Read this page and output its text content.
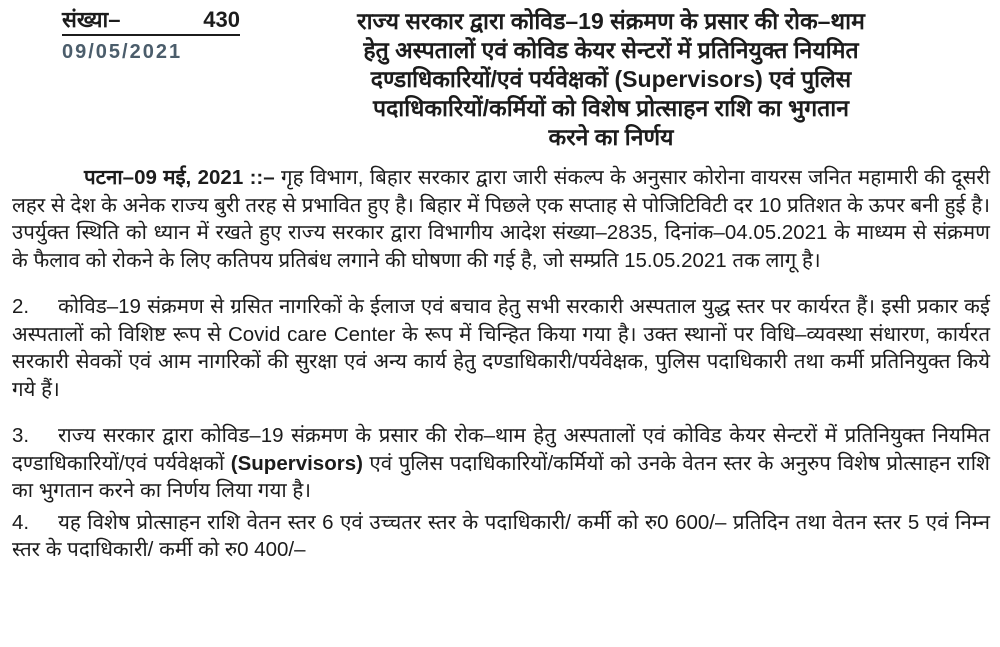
संख्या–	430
09/05/2021
राज्य सरकार द्वारा कोविड–19 संक्रमण के प्रसार की रोक–थाम
हेतु अस्पतालों एवं कोविड केयर सेन्टरों में प्रतिनियुक्त नियमित
दण्डाधिकारियों/एवं पर्यवेक्षकों (Supervisors) एवं पुलिस
पदाधिकारियों/कर्मियों को विशेष प्रोत्साहन राशि का भुगतान
करने का निर्णय

पटना–09 मई, 2021 ::– गृह विभाग, बिहार सरकार द्वारा जारी संकल्प के अनुसार कोरोना वायरस जनित महामारी की दूसरी लहर से देश के अनेक राज्य बुरी तरह से प्रभावित हुए है। बिहार में पिछले एक सप्ताह से पोजिटिविटी दर 10 प्रतिशत के ऊपर बनी हुई है। उपर्युक्त स्थिति को ध्यान में रखते हुए राज्य सरकार द्वारा विभागीय आदेश संख्या–2835, दिनांक–04.05.2021 के माध्यम से संक्रमण के फैलाव को रोकने के लिए कतिपय प्रतिबंध लगाने की घोषणा की गई है, जो सम्प्रति 15.05.2021 तक लागू है।

2. कोविड–19 संक्रमण से ग्रसित नागरिकों के ईलाज एवं बचाव हेतु सभी सरकारी अस्पताल युद्ध स्तर पर कार्यरत हैं। इसी प्रकार कई अस्पतालों को विशिष्ट रूप से Covid care Center के रूप में चिन्हित किया गया है। उक्त स्थानों पर विधि–व्यवस्था संधारण, कार्यरत सरकारी सेवकों एवं आम नागरिकों की सुरक्षा एवं अन्य कार्य हेतु दण्डाधिकारी/पर्यवेक्षक, पुलिस पदाधिकारी तथा कर्मी प्रतिनियुक्त किये गये हैं।

3. राज्य सरकार द्वारा कोविड–19 संक्रमण के प्रसार की रोक–थाम हेतु अस्पतालों एवं कोविड केयर सेन्टरों में प्रतिनियुक्त नियमित दण्डाधिकारियों/एवं पर्यवेक्षकों (Supervisors) एवं पुलिस पदाधिकारियों/कर्मियों को उनके वेतन स्तर के अनुरुप विशेष प्रोत्साहन राशि का भुगतान करने का निर्णय लिया गया है।

4. यह विशेष प्रोत्साहन राशि वेतन स्तर 6 एवं उच्चतर स्तर के पदाधिकारी/ कर्मी को रु0 600/– प्रतिदिन तथा वेतन स्तर 5 एवं निम्न स्तर के पदाधिकारी/ कर्मी को रु0 400/–
